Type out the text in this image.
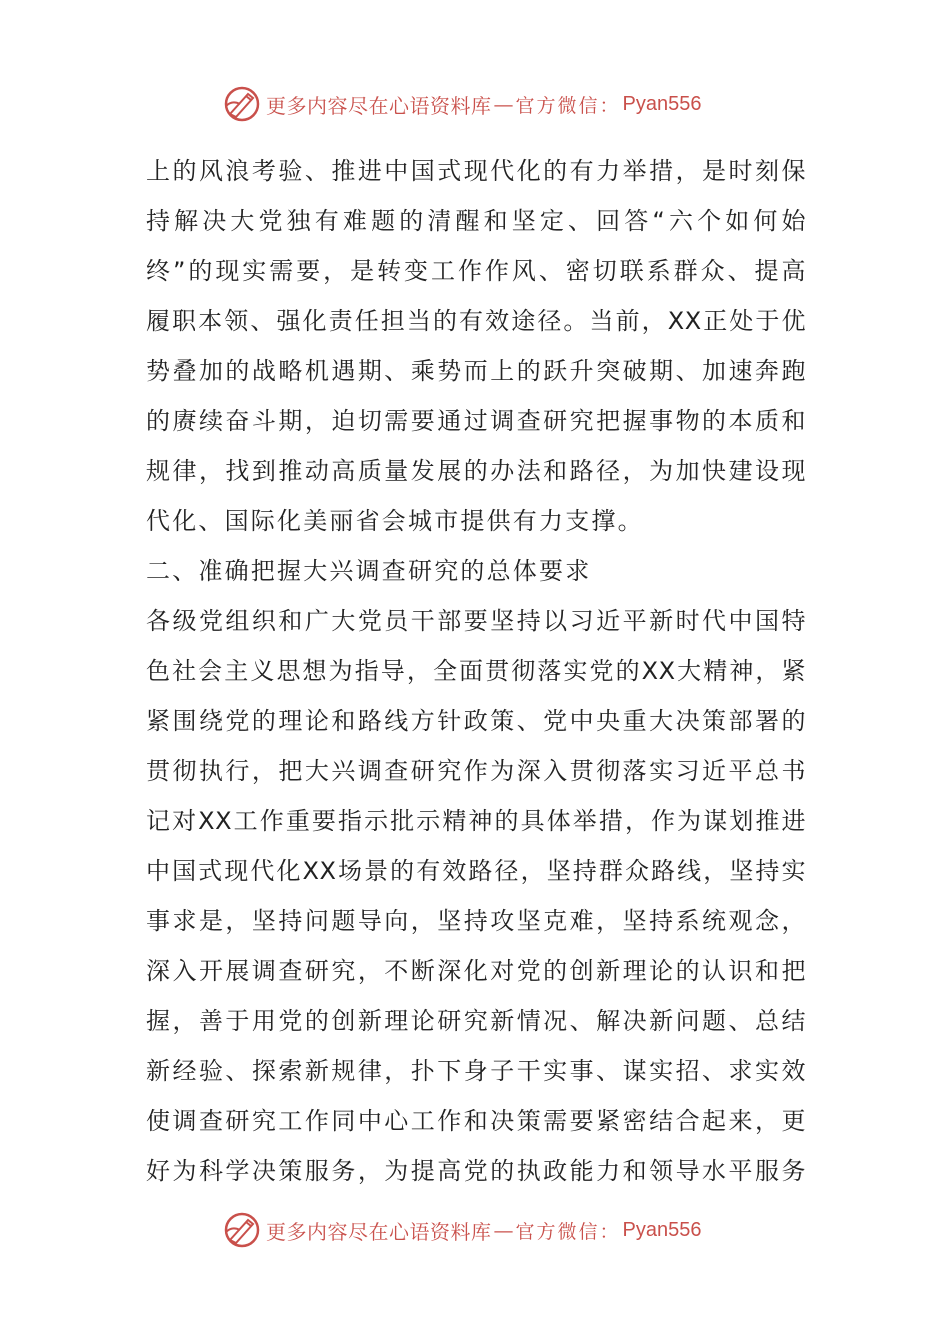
更多内容尽在心语资料库 — 官方微信： Pyan556
上的风浪考验、推进中国式现代化的有力举措，是时刻保
持解决大党独有难题的清醒和坚定、回答“六个如何始
终”的现实需要，是转变工作作风、密切联系群众、提高
履职本领、强化责任担当的有效途径。当前，XX正处于优
势叠加的战略机遇期、乘势而上的跃升突破期、加速奔跑
的赓续奋斗期，迫切需要通过调查研究把握事物的本质和
规律，找到推动高质量发展的办法和路径，为加快建设现
代化、国际化美丽省会城市提供有力支撑。
二、准确把握大兴调查研究的总体要求
各级党组织和广大党员干部要坚持以习近平新时代中国特
色社会主义思想为指导，全面贯彻落实党的XX大精神，紧
紧围绕党的理论和路线方针政策、党中央重大决策部署的
贯彻执行，把大兴调查研究作为深入贯彻落实习近平总书
记对XX工作重要指示批示精神的具体举措，作为谋划推进
中国式现代化XX场景的有效路径，坚持群众路线，坚持实
事求是，坚持问题导向，坚持攻坚克难，坚持系统观念，
深入开展调查研究，不断深化对党的创新理论的认识和把
握，善于用党的创新理论研究新情况、解决新问题、总结
新经验、探索新规律，扑下身子干实事、谋实招、求实效
使调查研究工作同中心工作和决策需要紧密结合起来，更
好为科学决策服务，为提高党的执政能力和领导水平服务
更多内容尽在心语资料库 — 官方微信： Pyan556
